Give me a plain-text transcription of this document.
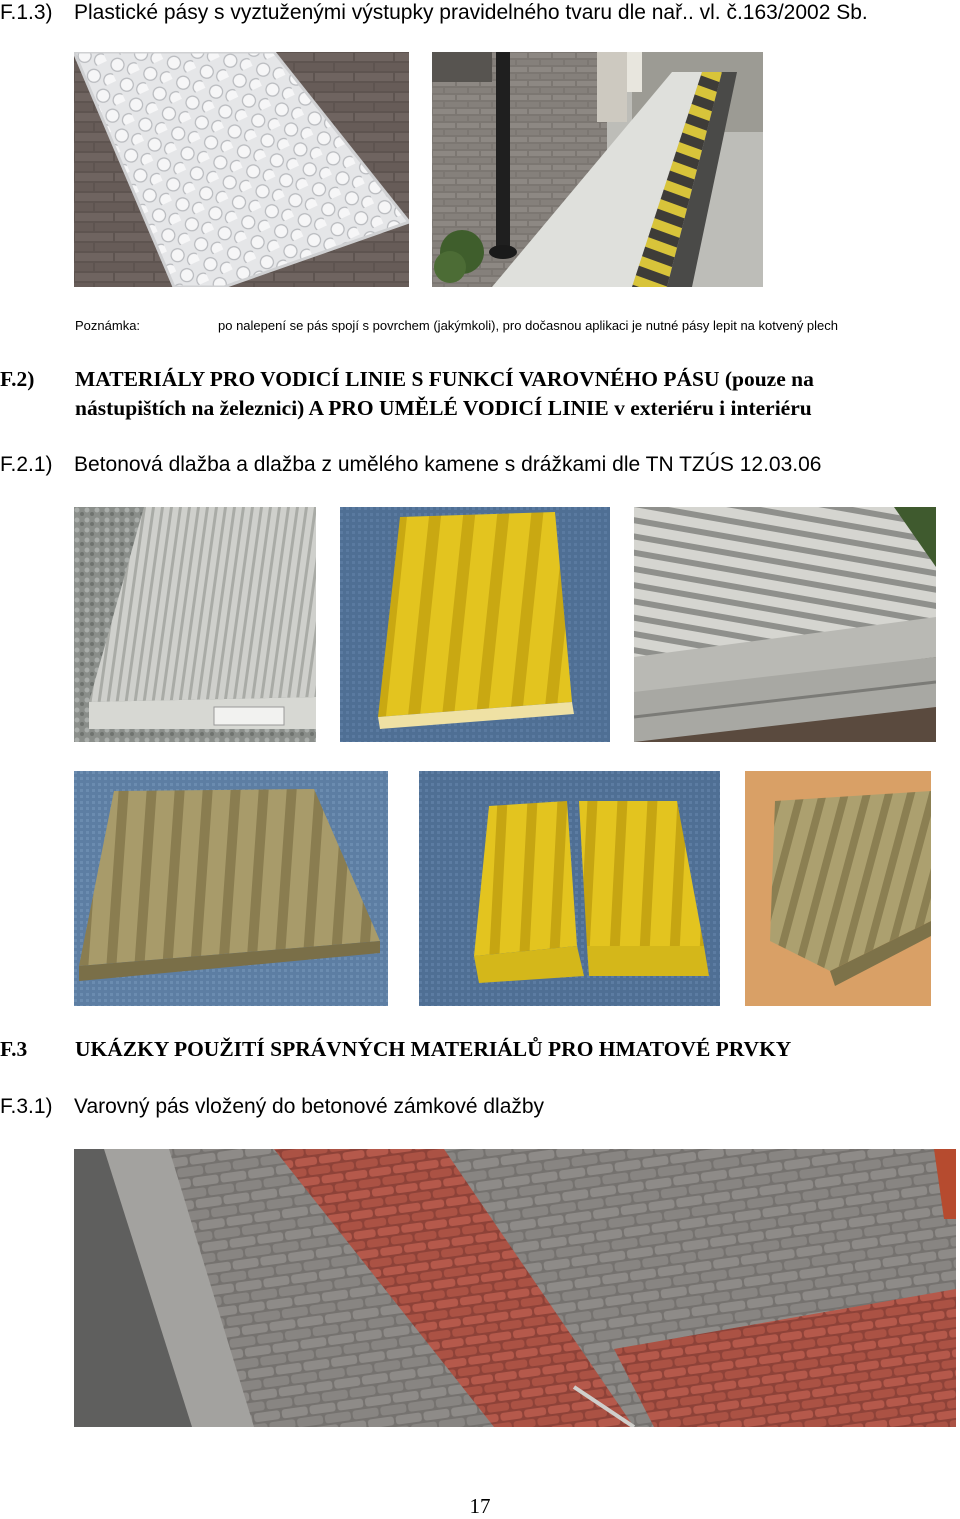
F.1.3) Plastické pásy s vyztuženými výstupky pravidelného tvaru dle nař.. vl. č.163/2002 Sb.
Poznámka:	po nalepení se pás spojí s povrchem (jakýmkoli), pro dočasnou aplikaci je nutné pásy lepit na kotvený plech
F.2) MATERIÁLY PRO VODICÍ LINIE S FUNKCÍ VAROVNÉHO PÁSU (pouze na
nástupištích na železnici) A PRO UMĚLÉ VODICÍ LINIE v exteriéru i interiéru
F.2.1) Betonová dlažba a dlažba z umělého kamene s drážkami dle TN TZÚS 12.03.06
F.3 UKÁZKY POUŽITÍ SPRÁVNÝCH MATERIÁLŮ PRO HMATOVÉ PRVKY
F.3.1) Varovný pás vložený do betonové zámkové dlažby
17
